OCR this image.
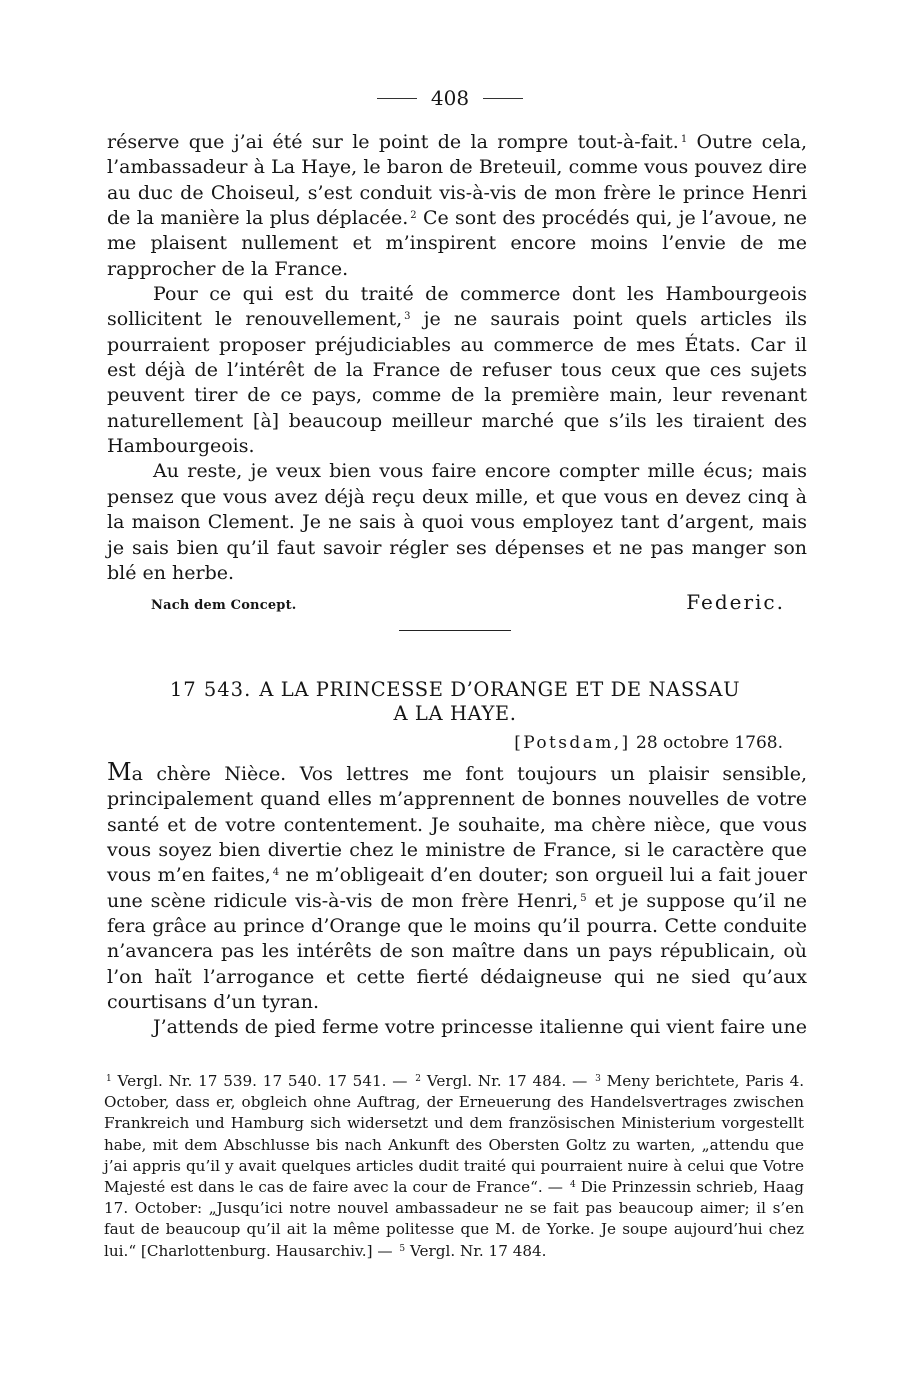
408

réserve que j’ai été sur le point de la rompre tout-à-fait. $^1$ Outre cela, l’ambassadeur à La Haye, le baron de Breteuil, comme vous pouvez dire au duc de Choiseul, s’est conduit vis-à-vis de mon frère le prince Henri de la manière la plus déplacée. $^2$ Ce sont des procédés qui, je l’avoue, ne me plaisent nullement et m’inspirent encore moins l’envie de me rapprocher de la France.

Pour ce qui est du traité de commerce dont les Hambourgeois sollicitent le renouvellement, $^3$ je ne saurais point quels articles ils pourraient proposer préjudiciables au commerce de mes États. Car il est déjà de l’intérêt de la France de refuser tous ceux que ces sujets peuvent tirer de ce pays, comme de la première main, leur revenant naturellement [à] beaucoup meilleur marché que s’ils les tiraient des Hambourgeois.

Au reste, je veux bien vous faire encore compter mille écus; mais pensez que vous avez déjà reçu deux mille, et que vous en devez cinq à la maison Clement. Je ne sais à quoi vous employez tant d’argent, mais je sais bien qu’il faut savoir régler ses dépenses et ne pas manger son blé en herbe.

Nach dem Concept.	Federic.
17 543. A LA PRINCESSE D’ORANGE ET DE NASSAU
A LA HAYE.
[Potsdam,] 28 octobre 1768.

Ma chère Nièce. Vos lettres me font toujours un plaisir sensible, principalement quand elles m’apprennent de bonnes nouvelles de votre santé et de votre contentement. Je souhaite, ma chère nièce, que vous vous soyez bien divertie chez le ministre de France, si le caractère que vous m’en faites, $^4$ ne m’obligeait d’en douter; son orgueil lui a fait jouer une scène ridicule vis-à-vis de mon frère Henri, $^5$ et je suppose qu’il ne fera grâce au prince d’Orange que le moins qu’il pourra. Cette conduite n’avancera pas les intérêts de son maître dans un pays républicain, où l’on haït l’arrogance et cette fierté dédaigneuse qui ne sied qu’aux courtisans d’un tyran.

J’attends de pied ferme votre princesse italienne qui vient faire une

$^1$ Vergl. Nr. 17 539. 17 540. 17 541. — $^2$ Vergl. Nr. 17 484. — $^3$ Meny berichtete, Paris 4. October, dass er, obgleich ohne Auftrag, der Erneuerung des Handelsvertrages zwischen Frankreich und Hamburg sich widersetzt und dem französischen Ministerium vorgestellt habe, mit dem Abschlusse bis nach Ankunft des Obersten Goltz zu warten, „attendu que j’ai appris qu’il y avait quelques articles dudit traité qui pourraient nuire à celui que Votre Majesté est dans le cas de faire avec la cour de France“. — $^4$ Die Prinzessin schrieb, Haag 17. October: „Jusqu’ici notre nouvel ambassadeur ne se fait pas beaucoup aimer; il s’en faut de beaucoup qu’il ait la même politesse que M. de Yorke. Je soupe aujourd’hui chez lui.“ [Charlottenburg. Hausarchiv.] — $^5$ Vergl. Nr. 17 484.
